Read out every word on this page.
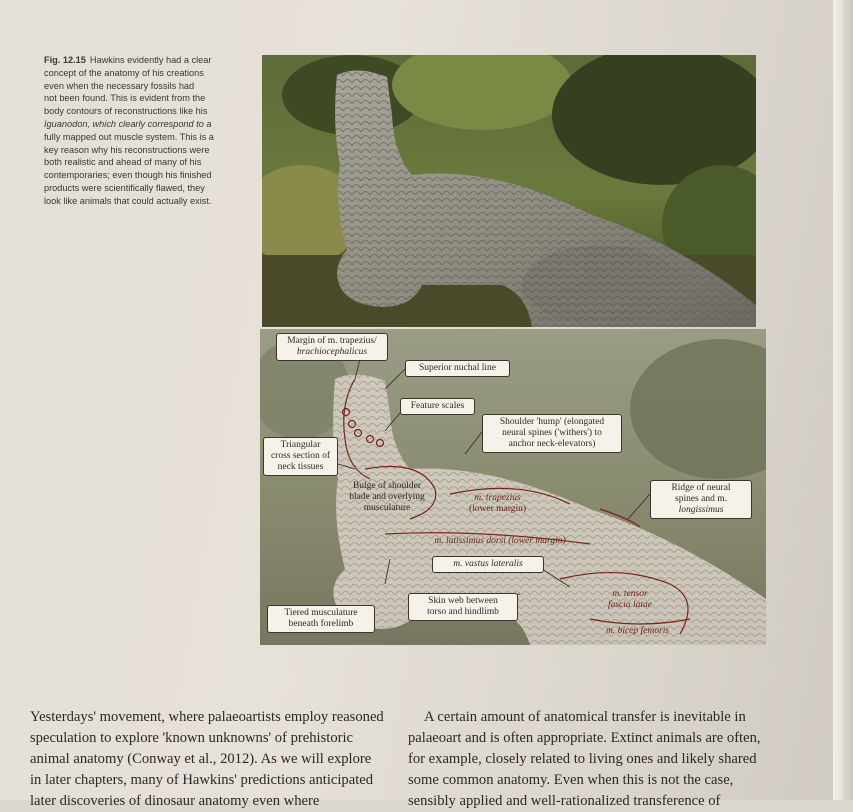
Fig. 12.15 Hawkins evidently had a clear
concept of the anatomy of his creations
even when the necessary fossils had
not been found. This is evident from the
body contours of reconstructions like his
Iguanodon, which clearly correspond to a
fully mapped out muscle system. This is a
key reason why his reconstructions were
both realistic and ahead of many of his
contemporaries; even though his finished
products were scientifically flawed, they
look like animals that could actually exist.
Margin of m. trapezius/
brachiocephalicus
Superior nuchal line
Feature scales
Shoulder 'hump' (elongated
neural spines ('withers') to
anchor neck-elevators)
Triangular
cross section of
neck tissues
Bulge of shoulder
blade and overlying
musculature
m. trapezius
(lower margin)
Ridge of neural
spines and m.
longissimus
m. latissimus dorsi (lower margin)
m. vastus lateralis
m. tensor
fascia latae
m. bicep femoris
Skin web between
torso and hindlimb
Tiered musculature
beneath forelimb

Yesterdays' movement, where palaeoartists employ reasoned

speculation to explore 'known unknowns' of prehistoric

animal anatomy (Conway et al., 2012). As we will explore

in later chapters, many of Hawkins' predictions anticipated

later discoveries of dinosaur anatomy even where

A certain amount of anatomical transfer is inevitable in

palaeoart and is often appropriate. Extinct animals are often,

for example, closely related to living ones and likely shared

some common anatomy. Even when this is not the case,

sensibly applied and well-rationalized transference of
